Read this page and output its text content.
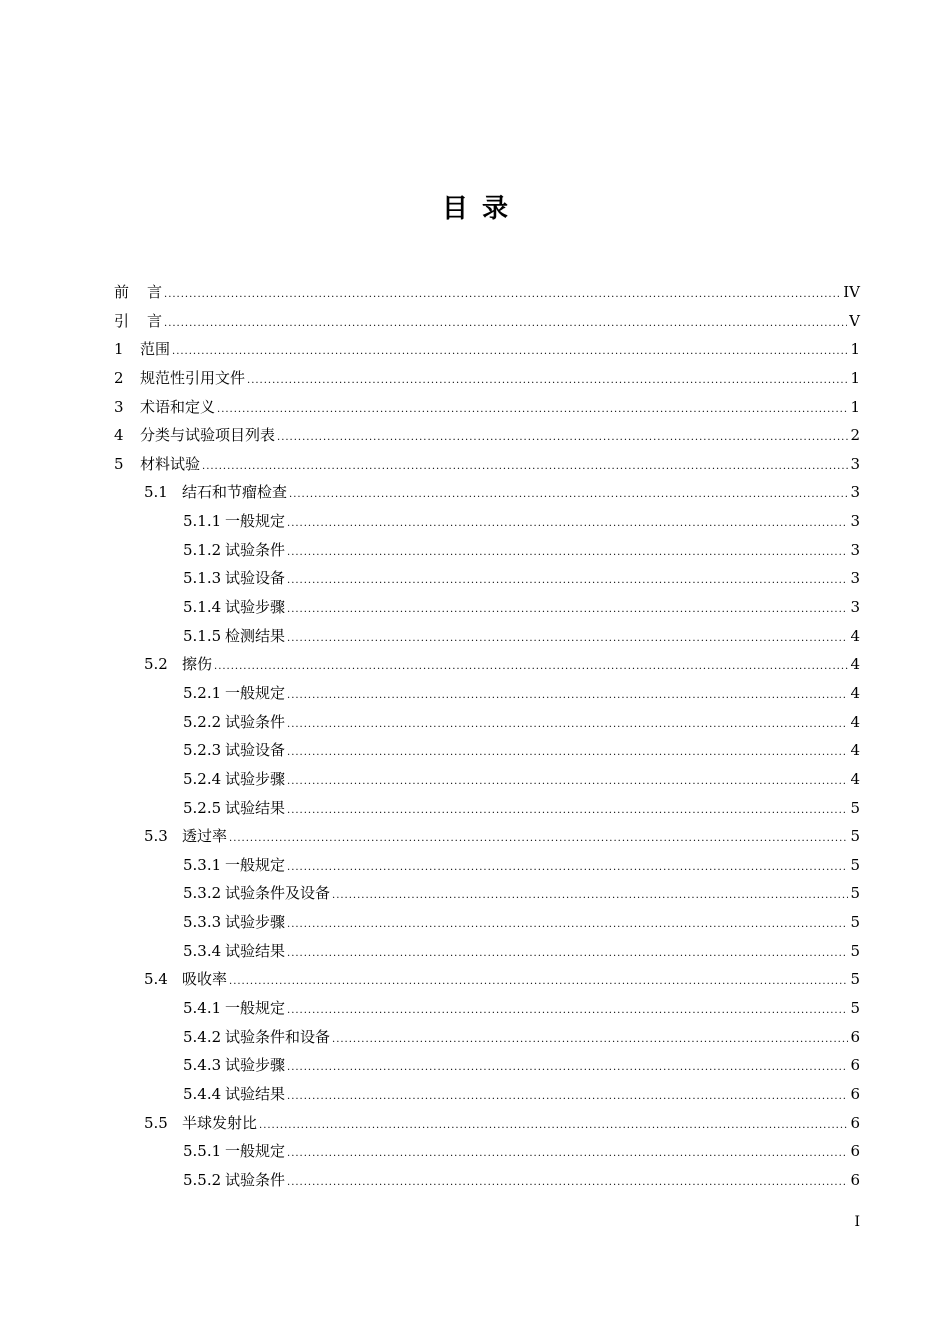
目录
前言 .....	IV
引言 .....	V
1 范围 .....	1
2 规范性引用文件 .....	1
3 术语和定义 .....	1
4 分类与试验项目列表 .....	2
5 材料试验 .....	3
5.1 结石和节瘤检查 .....	3
5.1.1 一般规定 .....	3
5.1.2 试验条件 .....	3
5.1.3 试验设备 .....	3
5.1.4 试验步骤 .....	3
5.1.5 检测结果 .....	4
5.2 擦伤 .....	4
5.2.1 一般规定 .....	4
5.2.2 试验条件 .....	4
5.2.3 试验设备 .....	4
5.2.4 试验步骤 .....	4
5.2.5 试验结果 .....	5
5.3 透过率 .....	5
5.3.1 一般规定 .....	5
5.3.2 试验条件及设备 .....	5
5.3.3 试验步骤 .....	5
5.3.4 试验结果 .....	5
5.4 吸收率 .....	5
5.4.1 一般规定 .....	5
5.4.2 试验条件和设备 .....	6
5.4.3 试验步骤 .....	6
5.4.4 试验结果 .....	6
5.5 半球发射比 .....	6
5.5.1 一般规定 .....	6
5.5.2 试验条件 .....	6
I
